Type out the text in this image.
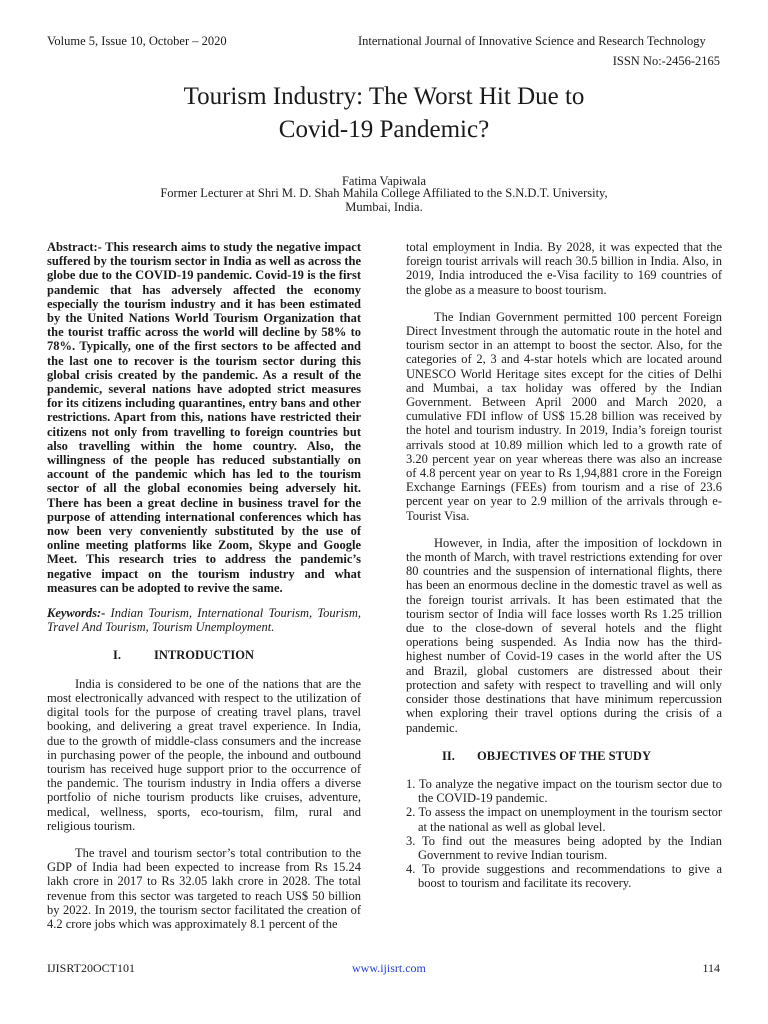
Volume 5, Issue 10, October – 2020	International Journal of Innovative Science and Research Technology
ISSN No:-2456-2165
Tourism Industry: The Worst Hit Due to
Covid-19 Pandemic?
Fatima Vapiwala
Former Lecturer at Shri M. D. Shah Mahila College Affiliated to the S.N.D.T. University,
Mumbai, India.

Abstract:- This research aims to study the negative impact suffered by the tourism sector in India as well as across the globe due to the COVID-19 pandemic. Covid-19 is the first pandemic that has adversely affected the economy especially the tourism industry and it has been estimated by the United Nations World Tourism Organization that the tourist traffic across the world will decline by 58% to 78%. Typically, one of the first sectors to be affected and the last one to recover is the tourism sector during this global crisis created by the pandemic. As a result of the pandemic, several nations have adopted strict measures for its citizens including quarantines, entry bans and other restrictions. Apart from this, nations have restricted their citizens not only from travelling to foreign countries but also travelling within the home country. Also, the willingness of the people has reduced substantially on account of the pandemic which has led to the tourism sector of all the global economies being adversely hit. There has been a great decline in business travel for the purpose of attending international conferences which has now been very conveniently substituted by the use of online meeting platforms like Zoom, Skype and Google Meet. This research tries to address the pandemic’s negative impact on the tourism industry and what measures can be adopted to revive the same.

Keywords:- Indian Tourism, International Tourism, Tourism, Travel And Tourism, Tourism Unemployment.

I.	INTRODUCTION

India is considered to be one of the nations that are the most electronically advanced with respect to the utilization of digital tools for the purpose of creating travel plans, travel booking, and delivering a great travel experience. In India, due to the growth of middle-class consumers and the increase in purchasing power of the people, the inbound and outbound tourism has received huge support prior to the occurrence of the pandemic. The tourism industry in India offers a diverse portfolio of niche tourism products like cruises, adventure, medical, wellness, sports, eco-tourism, film, rural and religious tourism.

The travel and tourism sector’s total contribution to the GDP of India had been expected to increase from Rs 15.24 lakh crore in 2017 to Rs 32.05 lakh crore in 2028. The total revenue from this sector was targeted to reach US$ 50 billion by 2022. In 2019, the tourism sector facilitated the creation of 4.2 crore jobs which was approximately 8.1 percent of the

total employment in India. By 2028, it was expected that the foreign tourist arrivals will reach 30.5 billion in India. Also, in 2019, India introduced the e-Visa facility to 169 countries of the globe as a measure to boost tourism.

The Indian Government permitted 100 percent Foreign Direct Investment through the automatic route in the hotel and tourism sector in an attempt to boost the sector. Also, for the categories of 2, 3 and 4-star hotels which are located around UNESCO World Heritage sites except for the cities of Delhi and Mumbai, a tax holiday was offered by the Indian Government. Between April 2000 and March 2020, a cumulative FDI inflow of US$ 15.28 billion was received by the hotel and tourism industry. In 2019, India’s foreign tourist arrivals stood at 10.89 million which led to a growth rate of 3.20 percent year on year whereas there was also an increase of 4.8 percent year on year to Rs 1,94,881 crore in the Foreign Exchange Earnings (FEEs) from tourism and a rise of 23.6 percent year on year to 2.9 million of the arrivals through e-Tourist Visa.

However, in India, after the imposition of lockdown in the month of March, with travel restrictions extending for over 80 countries and the suspension of international flights, there has been an enormous decline in the domestic travel as well as the foreign tourist arrivals. It has been estimated that the tourism sector of India will face losses worth Rs 1.25 trillion due to the close-down of several hotels and the flight operations being suspended. As India now has the third-highest number of Covid-19 cases in the world after the US and Brazil, global customers are distressed about their protection and safety with respect to travelling and will only consider those destinations that have minimum repercussion when exploring their travel options during the crisis of a pandemic.

II. OBJECTIVES OF THE STUDY

1. To analyze the negative impact on the tourism sector due to the COVID-19 pandemic.
2. To assess the impact on unemployment in the tourism sector at the national as well as global level.
3. To find out the measures being adopted by the Indian Government to revive Indian tourism.
4. To provide suggestions and recommendations to give a boost to tourism and facilitate its recovery.
IJISRT20OCT101	www.ijisrt.com	114
